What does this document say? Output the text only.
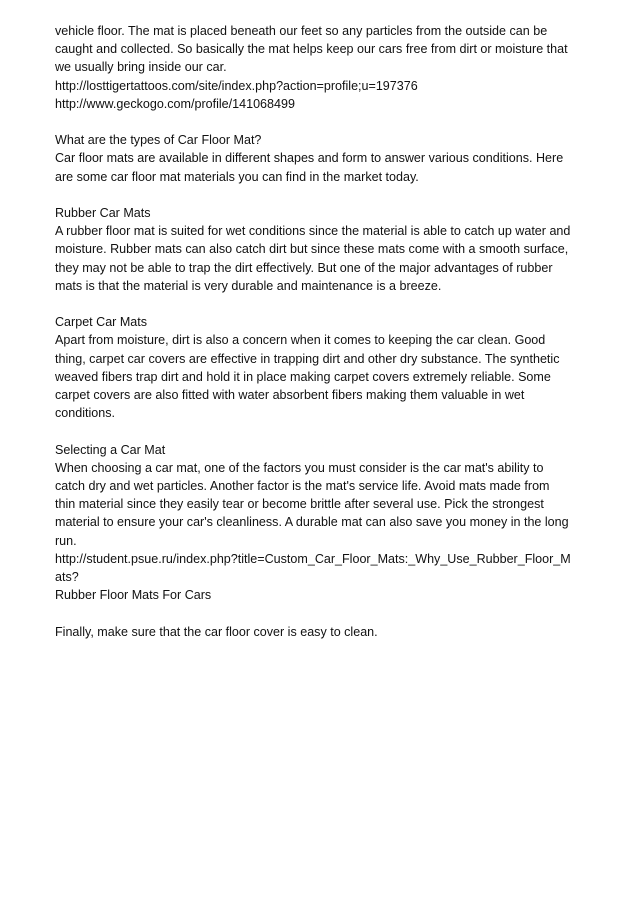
vehicle floor. The mat is placed beneath our feet so any particles from the outside can be
caught and collected. So basically the mat helps keep our cars free from dirt or moisture that
we usually bring inside our car.
http://losttigertattoos.com/site/index.php?action=profile;u=197376
http://www.geckogo.com/profile/141068499
What are the types of Car Floor Mat?
Car floor mats are available in different shapes and form to answer various conditions. Here
are some car floor mat materials you can find in the market today.
Rubber Car Mats
A rubber floor mat is suited for wet conditions since the material is able to catch up water and
moisture. Rubber mats can also catch dirt but since these mats come with a smooth surface,
they may not be able to trap the dirt effectively. But one of the major advantages of rubber
mats is that the material is very durable and maintenance is a breeze.
Carpet Car Mats
Apart from moisture, dirt is also a concern when it comes to keeping the car clean. Good
thing, carpet car covers are effective in trapping dirt and other dry substance. The synthetic
weaved fibers trap dirt and hold it in place making carpet covers extremely reliable. Some
carpet covers are also fitted with water absorbent fibers making them valuable in wet
conditions.
Selecting a Car Mat
When choosing a car mat, one of the factors you must consider is the car mat's ability to
catch dry and wet particles. Another factor is the mat's service life. Avoid mats made from
thin material since they easily tear or become brittle after several use. Pick the strongest
material to ensure your car's cleanliness. A durable mat can also save you money in the long
run.
http://student.psue.ru/index.php?title=Custom_Car_Floor_Mats:_Why_Use_Rubber_Floor_M
ats?
Rubber Floor Mats For Cars
Finally, make sure that the car floor cover is easy to clean.
